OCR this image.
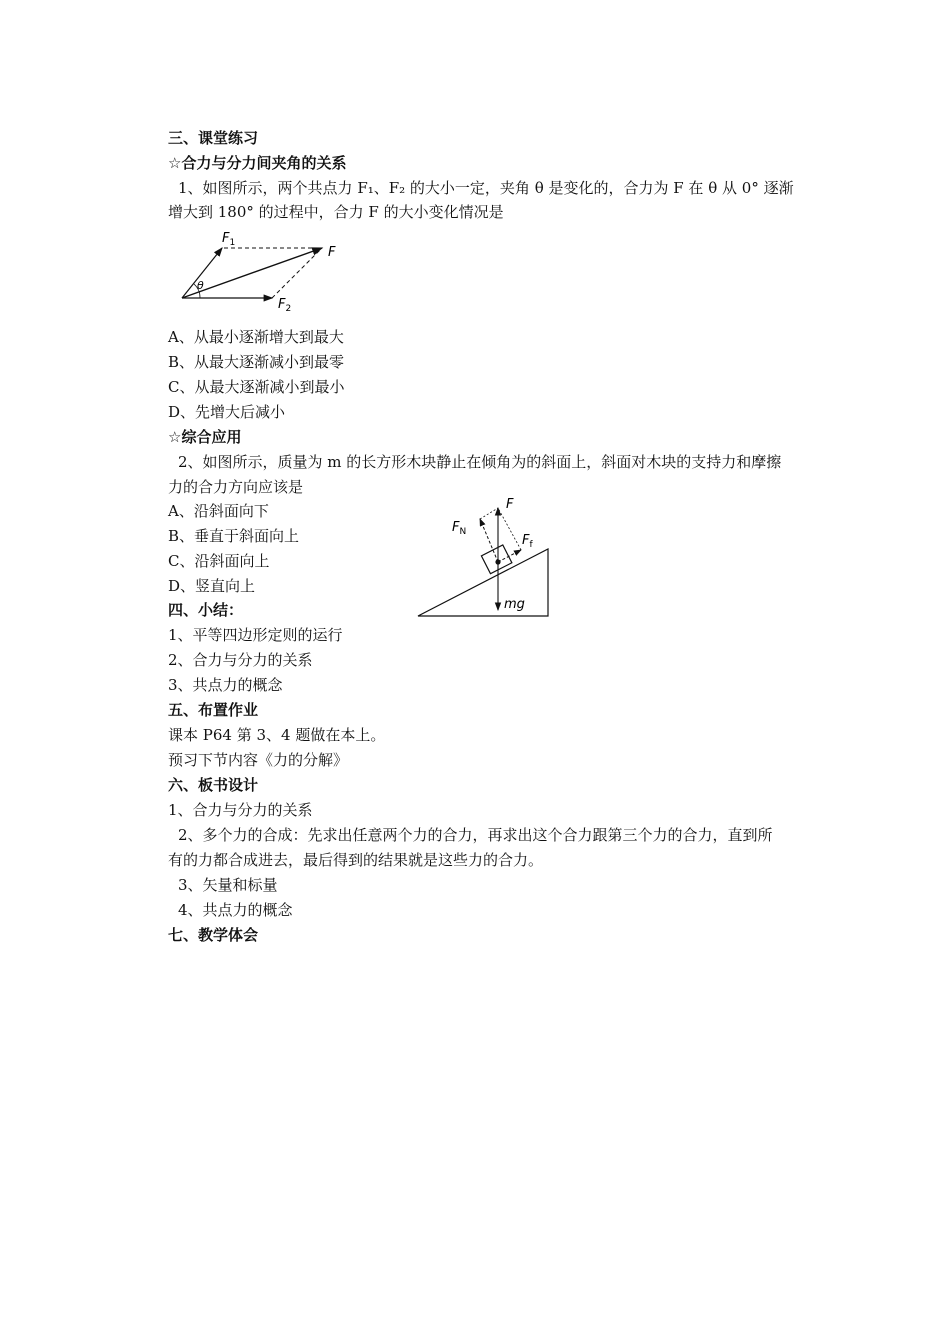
三、课堂练习
☆合力与分力间夹角的关系
1、如图所示，两个共点力 F₁、F₂ 的大小一定，夹角 θ 是变化的，合力为 F 在 θ 从 0° 逐渐
增大到 180° 的过程中，合力 F 的大小变化情况是
θ
$F_1$
$F_2$
F
A、从最小逐渐增大到最大
B、从最大逐渐减小到最零
C、从最大逐渐减小到最小
D、先增大后减小
☆综合应用
2、如图所示，质量为 m 的长方形木块静止在倾角为的斜面上，斜面对木块的支持力和摩擦
力的合力方向应该是
A、沿斜面向下
B、垂直于斜面向上
C、沿斜面向上
D、竖直向上
F
$F_N$
$F_f$
mg
四、小结：
1、平等四边形定则的运行
2、合力与分力的关系
3、共点力的概念
五、布置作业
课本 P64 第 3、4 题做在本上。
预习下节内容《力的分解》
六、板书设计
1、合力与分力的关系
2、多个力的合成：先求出任意两个力的合力，再求出这个合力跟第三个力的合力，直到所
有的力都合成进去，最后得到的结果就是这些力的合力。
3、矢量和标量
4、共点力的概念
七、教学体会
